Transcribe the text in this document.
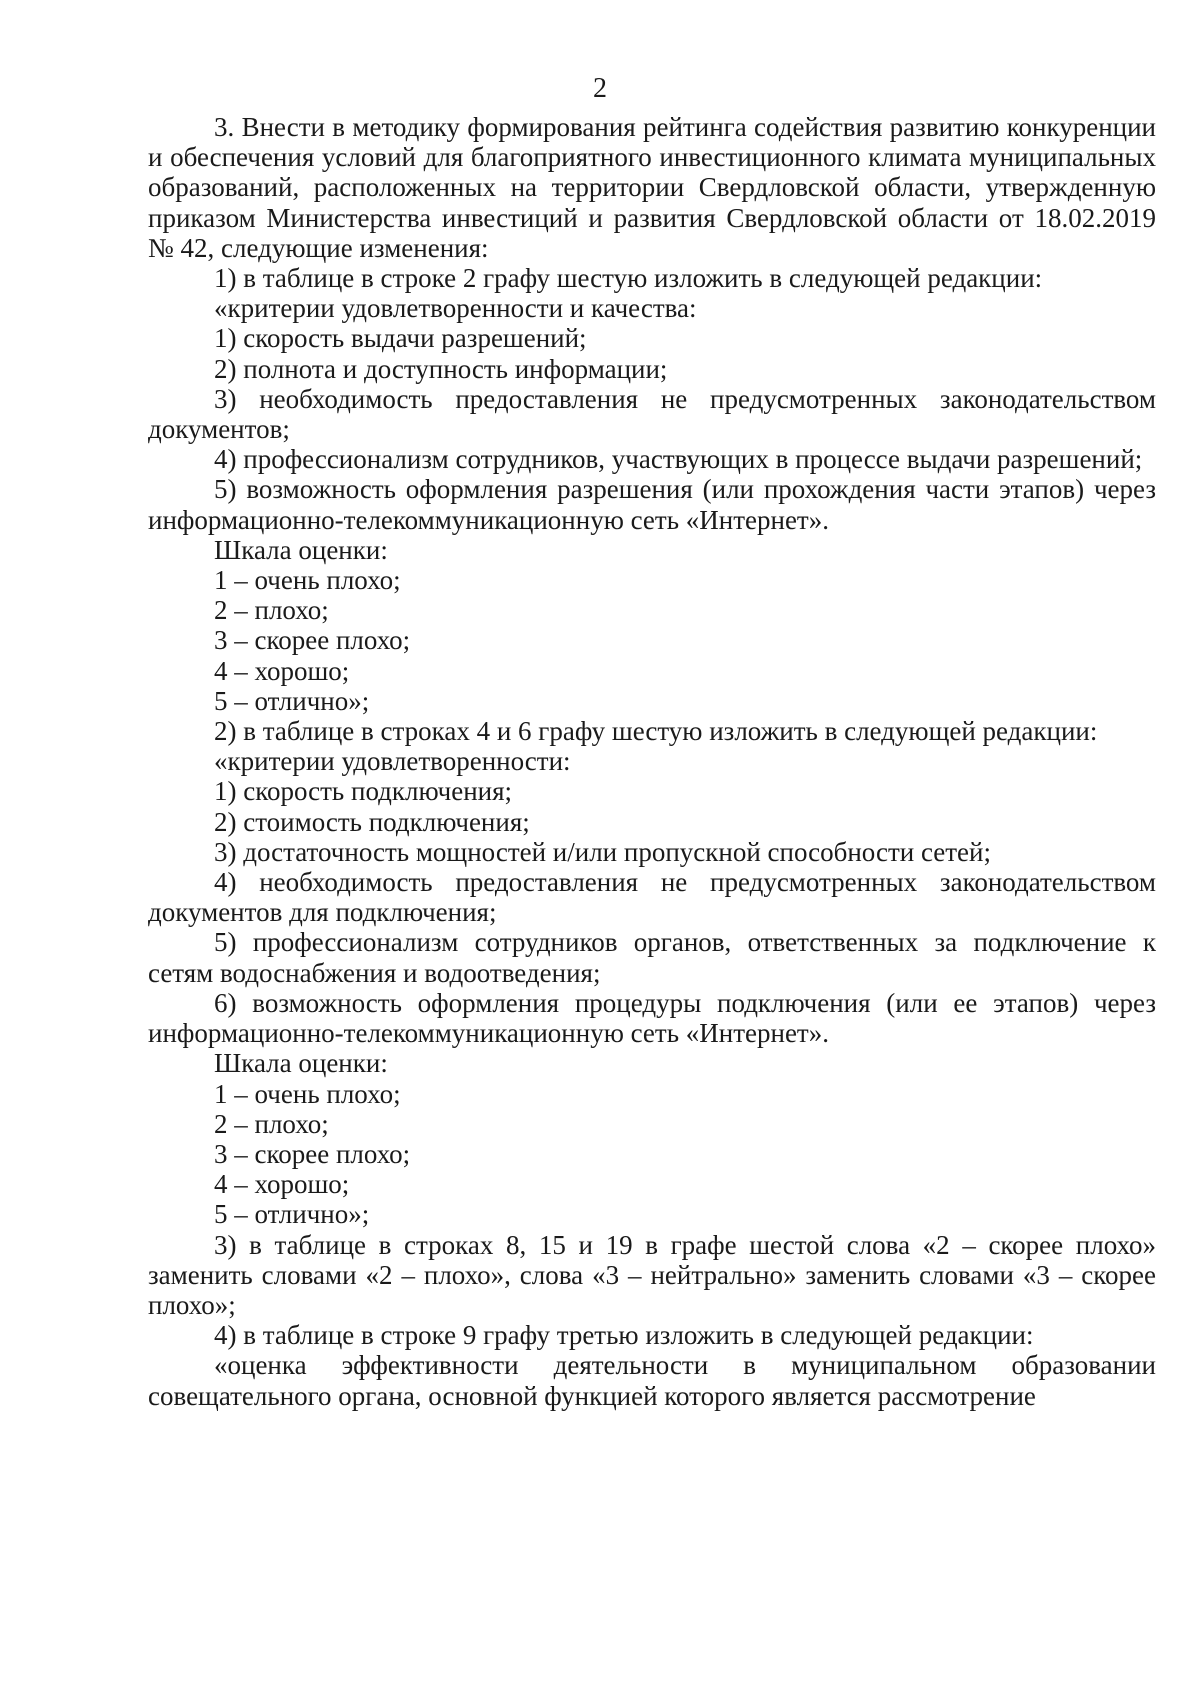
2

3. Внести в методику формирования рейтинга содействия развитию конкуренции и обеспечения условий для благоприятного инвестиционного климата муниципальных образований, расположенных на территории Свердловской области, утвержденную приказом Министерства инвестиций и развития Свердловской области от 18.02.2019 № 42, следующие изменения:

1) в таблице в строке 2 графу шестую изложить в следующей редакции:

«критерии удовлетворенности и качества:

1) скорость выдачи разрешений;

2) полнота и доступность информации;

3) необходимость предоставления не предусмотренных законодательством документов;

4) профессионализм сотрудников, участвующих в процессе выдачи разрешений;

5) возможность оформления разрешения (или прохождения части этапов) через информационно-телекоммуникационную сеть «Интернет».

Шкала оценки:

1 – очень плохо;

2 – плохо;

3 – скорее плохо;

4 – хорошо;

5 – отлично»;

2) в таблице в строках 4 и 6 графу шестую изложить в следующей редакции:

«критерии удовлетворенности:

1) скорость подключения;

2) стоимость подключения;

3) достаточность мощностей и/или пропускной способности сетей;

4) необходимость предоставления не предусмотренных законодательством документов для подключения;

5) профессионализм сотрудников органов, ответственных за подключение к сетям водоснабжения и водоотведения;

6) возможность оформления процедуры подключения (или ее этапов) через информационно-телекоммуникационную сеть «Интернет».

Шкала оценки:

1 – очень плохо;

2 – плохо;

3 – скорее плохо;

4 – хорошо;

5 – отлично»;

3) в таблице в строках 8, 15 и 19 в графе шестой слова «2 – скорее плохо» заменить словами «2 – плохо», слова «3 – нейтрально» заменить словами «3 – скорее плохо»;

4) в таблице в строке 9 графу третью изложить в следующей редакции:

«оценка эффективности деятельности в муниципальном образовании совещательного органа, основной функцией которого является рассмотрение
